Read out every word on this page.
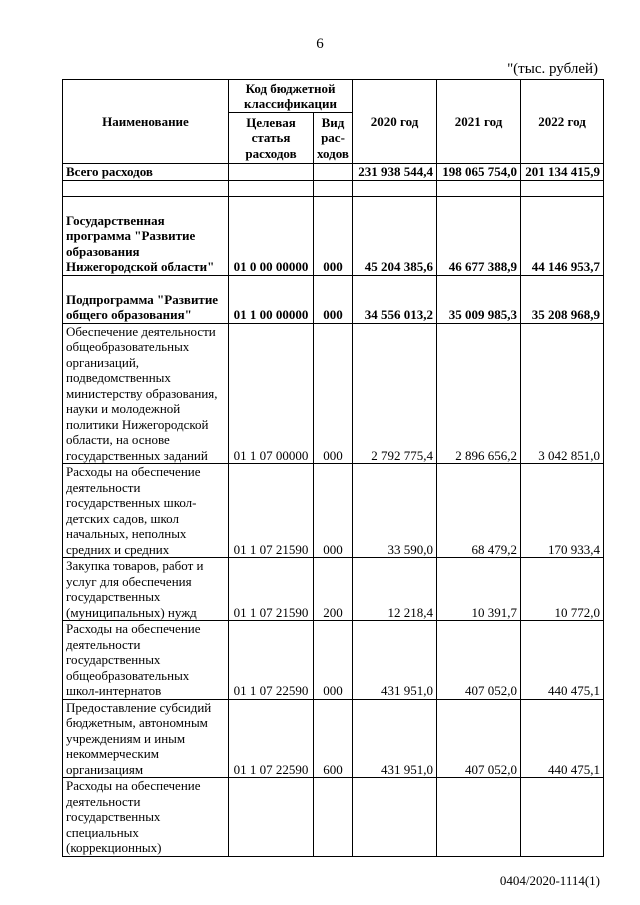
6
"(тыс. рублей)
Наименование	Код бюджетной классификации		2020 год	2021 год	2022 год
	Целевая статья расходов	Вид рас-ходов			
Всего расходов			231 938 544,4	198 065 754,0	201 134 415,9

Государственная программа "Развитие образования Нижегородской области"	01 0 00 00000	000	45 204 385,6	46 677 388,9	44 146 953,7
Подпрограмма "Развитие общего образования"	01 1 00 00000	000	34 556 013,2	35 009 985,3	35 208 968,9
Обеспечение деятельности общеобразовательных организаций, подведомственных министерству образования, науки и молодежной политики Нижегородской области, на основе государственных заданий	01 1 07 00000	000	2 792 775,4	2 896 656,2	3 042 851,0
Расходы на обеспечение деятельности государственных школ-детских садов, школ начальных, неполных средних и средних	01 1 07 21590	000	33 590,0	68 479,2	170 933,4
Закупка товаров, работ и услуг для обеспечения государственных (муниципальных) нужд	01 1 07 21590	200	12 218,4	10 391,7	10 772,0
Расходы на обеспечение деятельности государственных общеобразовательных школ-интернатов	01 1 07 22590	000	431 951,0	407 052,0	440 475,1
Предоставление субсидий бюджетным, автономным учреждениям и иным некоммерческим организациям	01 1 07 22590	600	431 951,0	407 052,0	440 475,1
Расходы на обеспечение деятельности государственных специальных (коррекционных)					
0404/2020-1114(1)
